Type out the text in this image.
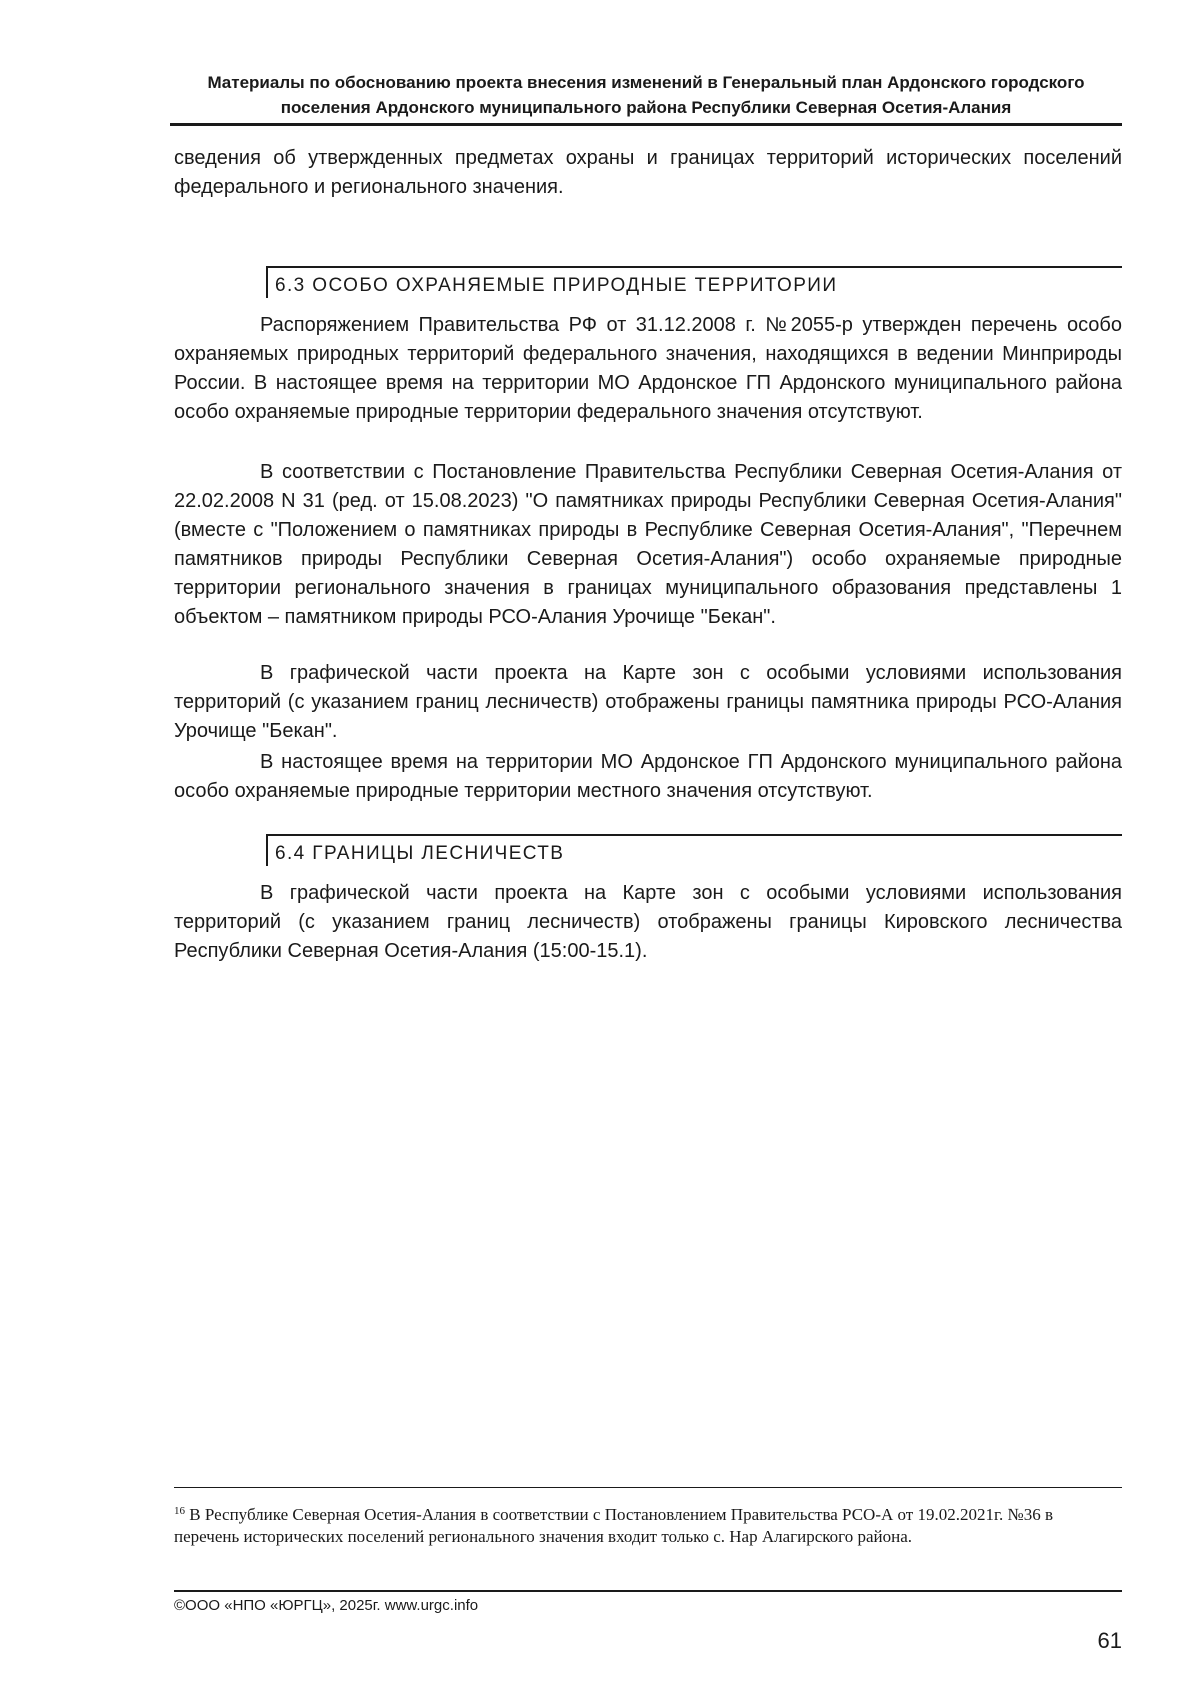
Материалы по обоснованию проекта внесения изменений в Генеральный план Ардонского городского
поселения Ардонского муниципального района Республики Северная Осетия-Алания

сведения об утвержденных предметах охраны и границах территорий исторических поселений федерального и регионального значения.

6.3 ОСОБО ОХРАНЯЕМЫЕ ПРИРОДНЫЕ ТЕРРИТОРИИ

Распоряжением Правительства РФ от 31.12.2008 г. №2055-р утвержден перечень особо охраняемых природных территорий федерального значения, находящихся в ведении Минприроды России. В настоящее время на территории МО Ардонское ГП Ардонского муниципального района особо охраняемые природные территории федерального значения отсутствуют.

В соответствии с Постановление Правительства Республики Северная Осетия-Алания от 22.02.2008 N 31 (ред. от 15.08.2023) "О памятниках природы Республики Северная Осетия-Алания" (вместе с "Положением о памятниках природы в Республике Северная Осетия-Алания", "Перечнем памятников природы Республики Северная Осетия-Алания") особо охраняемые природные территории регионального значения в границах муниципального образования представлены 1 объектом – памятником природы РСО-Алания Урочище "Бекан".

В графической части проекта на Карте зон с особыми условиями использования территорий (с указанием границ лесничеств) отображены границы памятника природы РСО-Алания Урочище "Бекан".

В настоящее время на территории МО Ардонское ГП Ардонского муниципального района особо охраняемые природные территории местного значения отсутствуют.

6.4 ГРАНИЦЫ ЛЕСНИЧЕСТВ

В графической части проекта на Карте зон с особыми условиями использования территорий (с указанием границ лесничеств) отображены границы Кировского лесничества Республики Северная Осетия-Алания (15:00-15.1).

$^{16}$ В Республике Северная Осетия-Алания в соответствии с Постановлением Правительства РСО-А от 19.02.2021г. №36 в перечень исторических поселений регионального значения входит только с. Нар Алагирского района.

©ООО «НПО «ЮРГЦ», 2025г. www.urgc.info
61
